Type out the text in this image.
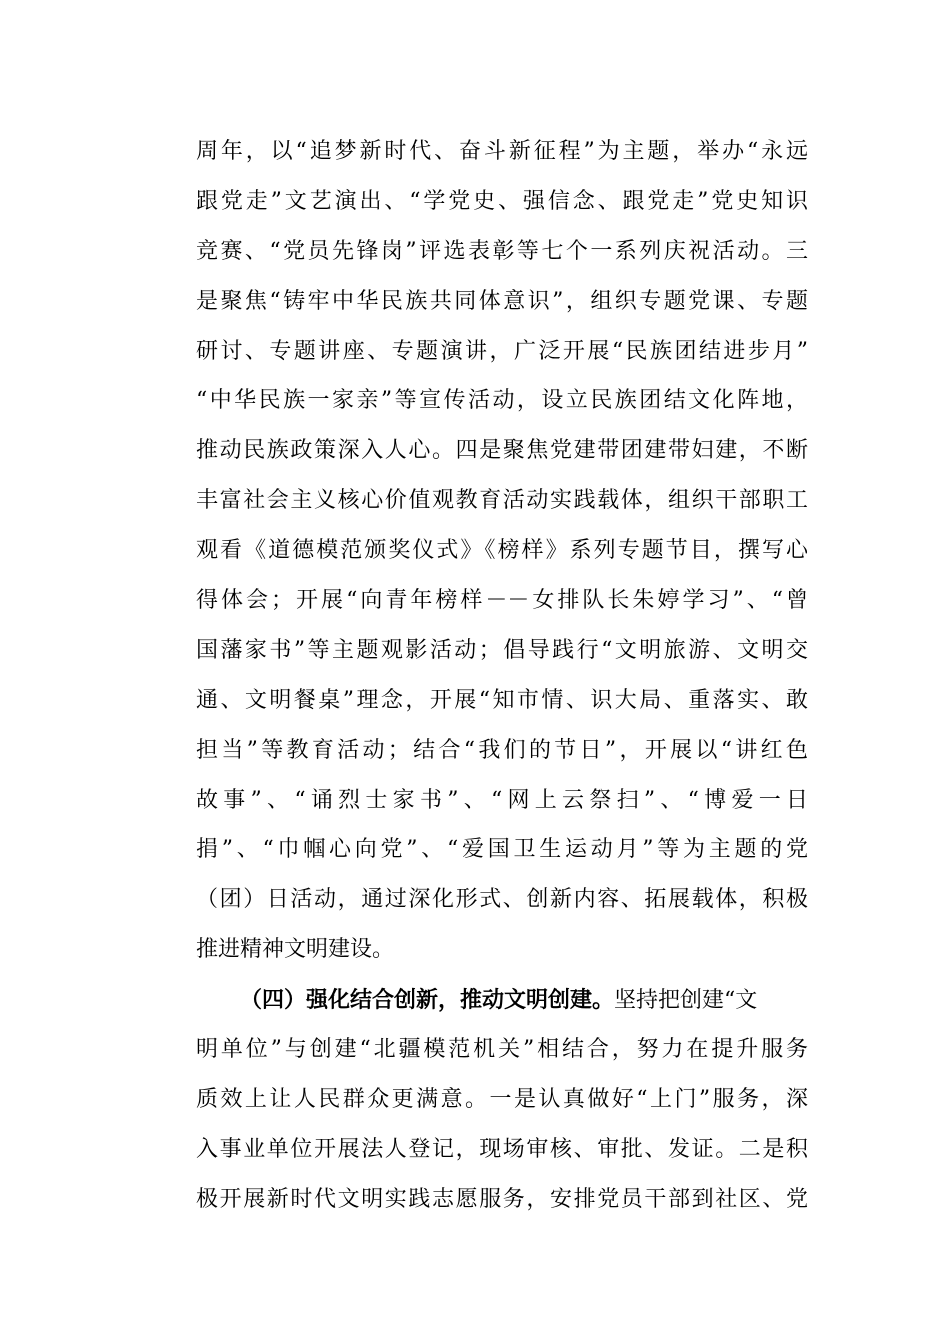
周年，以“追梦新时代、奋斗新征程”为主题，举办“永远
跟党走”文艺演出、“学党史、强信念、跟党走”党史知识
竞赛、“党员先锋岗”评选表彰等七个一系列庆祝活动。三
是聚焦“铸牢中华民族共同体意识”，组织专题党课、专题
研讨、专题讲座、专题演讲，广泛开展“民族团结进步月”
“中华民族一家亲”等宣传活动，设立民族团结文化阵地，
推动民族政策深入人心。四是聚焦党建带团建带妇建，不断
丰富社会主义核心价值观教育活动实践载体，组织干部职工
观看《道德模范颁奖仪式》《榜样》系列专题节目，撰写心
得体会；开展“向青年榜样－－女排队长朱婷学习”、“曾
国藩家书”等主题观影活动；倡导践行“文明旅游、文明交
通、文明餐桌”理念，开展“知市情、识大局、重落实、敢
担当”等教育活动；结合“我们的节日”，开展以“讲红色
故事”、“诵烈士家书”、“网上云祭扫”、“博爱一日
捐”、“巾帼心向党”、“爱国卫生运动月”等为主题的党
（团）日活动，通过深化形式、创新内容、拓展载体，积极
推进精神文明建设。
（四）强化结合创新，推动文明创建。坚持把创建“文
明单位”与创建“北疆模范机关”相结合，努力在提升服务
质效上让人民群众更满意。一是认真做好“上门”服务，深
入事业单位开展法人登记，现场审核、审批、发证。二是积
极开展新时代文明实践志愿服务，安排党员干部到社区、党
